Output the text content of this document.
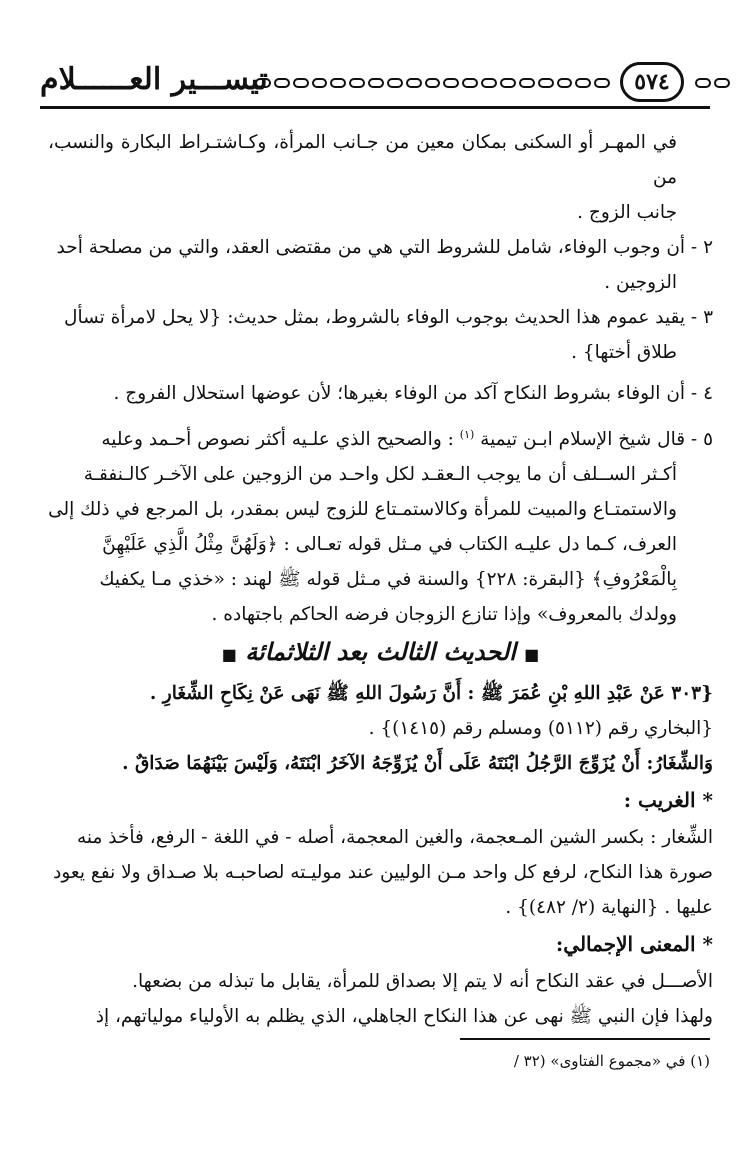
تيســـير العــــــلام	٥٧٤

في المهـر أو السكنى بمكان معين من جـانب المرأة، وكـاشتـراط البكارة والنسب، من

جانب الزوج .

٢ - أن وجوب الوفاء، شامل للشروط التي هي من مقتضى العقد، والتي من مصلحة أحد

الزوجين .

٣ - يقيد عموم هذا الحديث بوجوب الوفاء بالشروط، بمثل حديث: {لا يحل لامرأة تسأل

طلاق أختها} .

٤ - أن الوفاء بشروط النكاح آكد من الوفاء بغيرها؛ لأن عوضها استحلال الفروج .

٥ - قال شيخ الإسلام ابـن تيمية $^{(١)}$ : والصحيح الذي علـيه أكثر نصوص أحـمد وعليه

أكـثر الســلف أن ما يوجب الـعقـد لكل واحـد من الزوجين على الآخـر كالـنفقـة

والاستمتـاع والمبيت للمرأة وكالاستمـتاع للزوج ليس بمقدر، بل المرجع في ذلك إلى

العرف، كـما دل عليـه الكتاب في مـثل قوله تعـالى : ﴿وَلَهُنَّ مِثْلُ الَّذِي عَلَيْهِنَّ

بِالْمَعْرُوفِ﴾ {البقرة: ٢٢٨} والسنة في مـثل قوله ﷺ لهند : «خذي مـا يكفيك

وولدك بالمعروف» وإذا تنازع الزوجان فرضه الحاكم باجتهاده .

■ الحديث الثالث بعد الثلاثمائة ■

{٣٠٣ عَنْ عَبْدِ اللهِ بْنِ عُمَرَ ﷺ : أَنَّ رَسُولَ اللهِ ﷺ نَهَى عَنْ نِكَاحِ الشِّغَارِ .

{البخاري رقم (٥١١٢) ومسلم رقم (١٤١٥)} .

وَالشِّغَارُ: أَنْ يُزَوِّجَ الرَّجُلُ ابْنَتَهُ عَلَى أَنْ يُزَوِّجَهُ الآخَرُ ابْنَتَهُ، وَلَيْسَ بَيْنَهُمَا صَدَاقٌ .

* الغريب :

الشِّغار : بكسر الشين المـعجمة، والغين المعجمة، أصله - في اللغة - الرفع، فأخذ منه

صورة هذا النكاح، لرفع كل واحد مـن الوليين عند موليـته لصاحبـه بلا صـداق ولا نفع يعود

عليها . {النهاية (٢/ ٤٨٢)} .

* المعنى الإجمالي:

الأصـــل في عقد النكاح أنه لا يتم إلا بصداق للمرأة، يقابل ما تبذله من بضعها.

ولهذا فإن النبي ﷺ نهى عن هذا النكاح الجاهلي، الذي يظلم به الأولياء مولياتهم، إذ

(١) في «مجموع الفتاوى» (٣٢ /
